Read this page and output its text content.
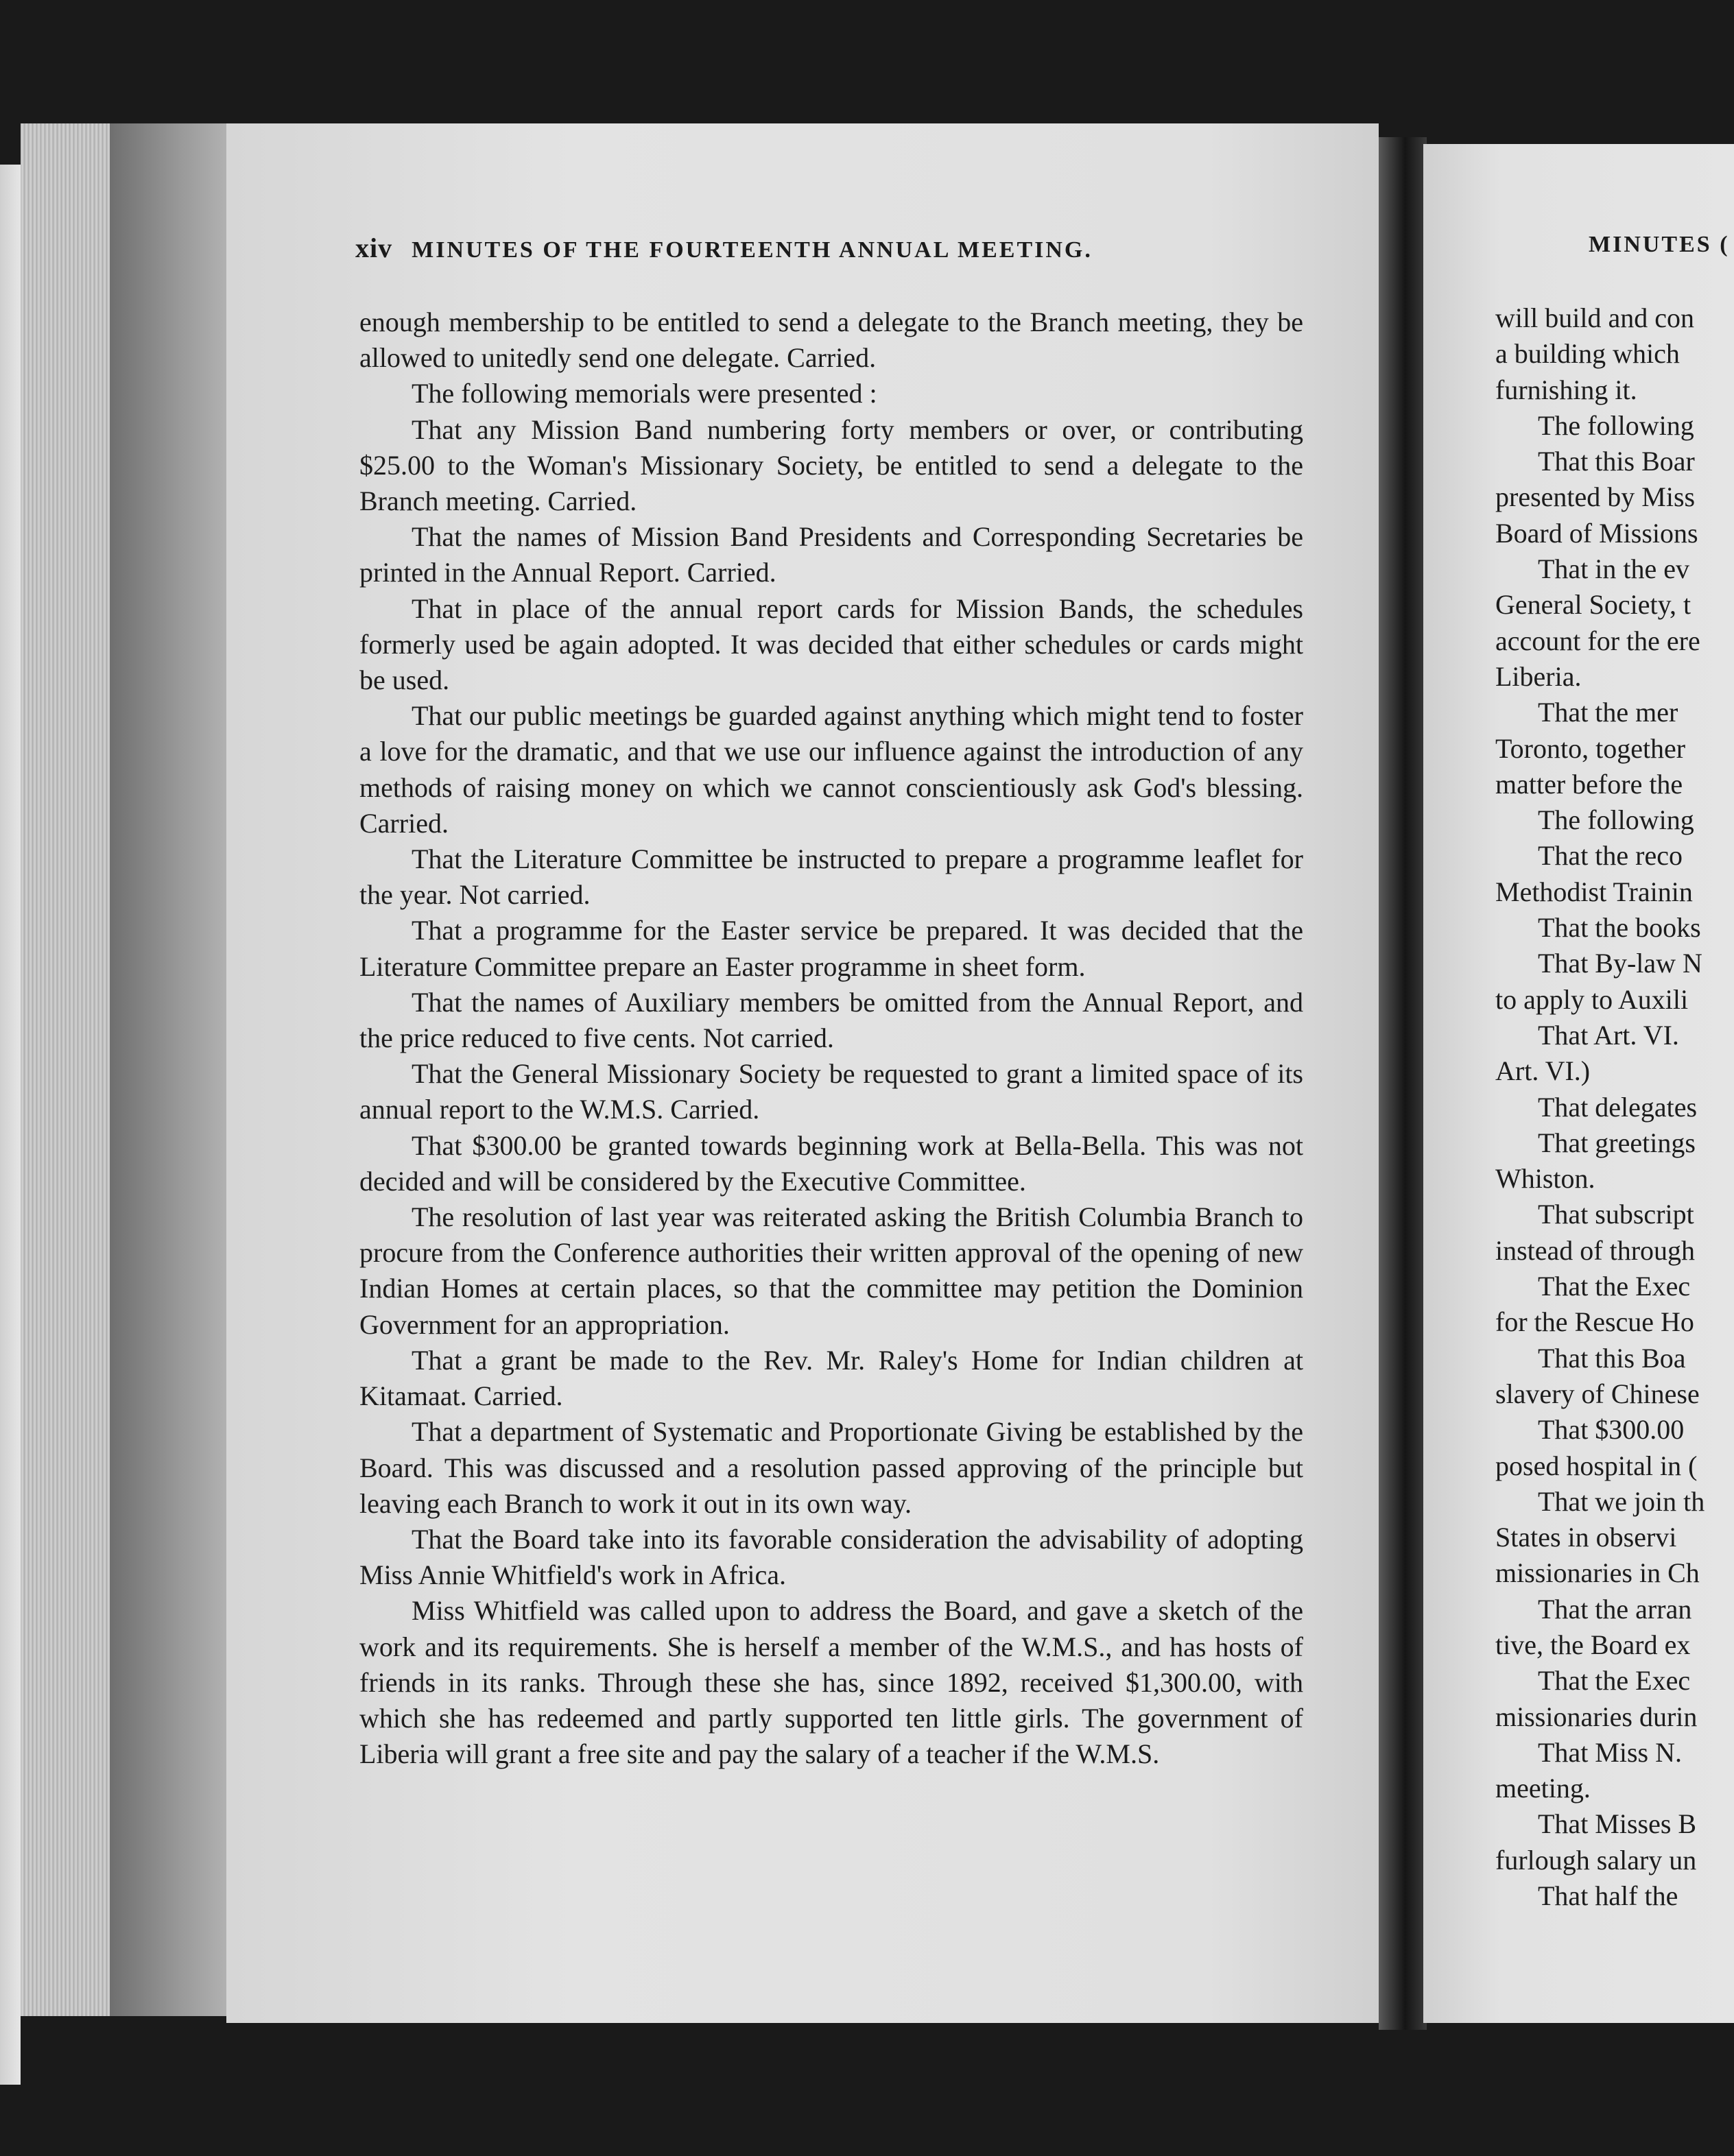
xiv MINUTES OF THE FOURTEENTH ANNUAL MEETING.

enough membership to be entitled to send a delegate to the Branch meeting, they be allowed to unitedly send one delegate. Carried.

The following memorials were presented :

That any Mission Band numbering forty members or over, or contributing $25.00 to the Woman's Missionary Society, be entitled to send a delegate to the Branch meeting. Carried.

That the names of Mission Band Presidents and Corresponding Secretaries be printed in the Annual Report. Carried.

That in place of the annual report cards for Mission Bands, the schedules formerly used be again adopted. It was decided that either schedules or cards might be used.

That our public meetings be guarded against anything which might tend to foster a love for the dramatic, and that we use our influence against the introduction of any methods of raising money on which we cannot conscientiously ask God's blessing. Carried.

That the Literature Committee be instructed to prepare a programme leaflet for the year. Not carried.

That a programme for the Easter service be prepared. It was decided that the Literature Committee prepare an Easter programme in sheet form.

That the names of Auxiliary members be omitted from the Annual Report, and the price reduced to five cents. Not carried.

That the General Missionary Society be requested to grant a limited space of its annual report to the W.M.S. Carried.

That $300.00 be granted towards beginning work at Bella-Bella. This was not decided and will be considered by the Executive Committee.

The resolution of last year was reiterated asking the British Columbia Branch to procure from the Conference authorities their written approval of the opening of new Indian Homes at certain places, so that the committee may petition the Dominion Government for an appropriation.

That a grant be made to the Rev. Mr. Raley's Home for Indian children at Kitamaat. Carried.

That a department of Systematic and Proportionate Giving be established by the Board. This was discussed and a resolution passed approving of the principle but leaving each Branch to work it out in its own way.

That the Board take into its favorable consideration the advisability of adopting Miss Annie Whitfield's work in Africa.

Miss Whitfield was called upon to address the Board, and gave a sketch of the work and its requirements. She is herself a member of the W.M.S., and has hosts of friends in its ranks. Through these she has, since 1892, received $1,300.00, with which she has redeemed and partly supported ten little girls. The government of Liberia will grant a free site and pay the salary of a teacher if the W.M.S.

MINUTES (
will build and con
a building which
furnishing it.
The following
That this Boar
presented by Miss
Board of Missions
That in the ev
General Society, t
account for the ere
Liberia.
That the mer
Toronto, together
matter before the
The following
That the reco
Methodist Trainin
That the books
That By-law N
to apply to Auxili
That Art. VI.
Art. VI.)
That delegates
That greetings
Whiston.
That subscript
instead of through
That the Exec
for the Rescue Ho
That this Boa
slavery of Chinese
That $300.00
posed hospital in (
That we join th
States in observi
missionaries in Ch
That the arran
tive, the Board ex
That the Exec
missionaries durin
That Miss N.
meeting.
That Misses B
furlough salary un
That half the
